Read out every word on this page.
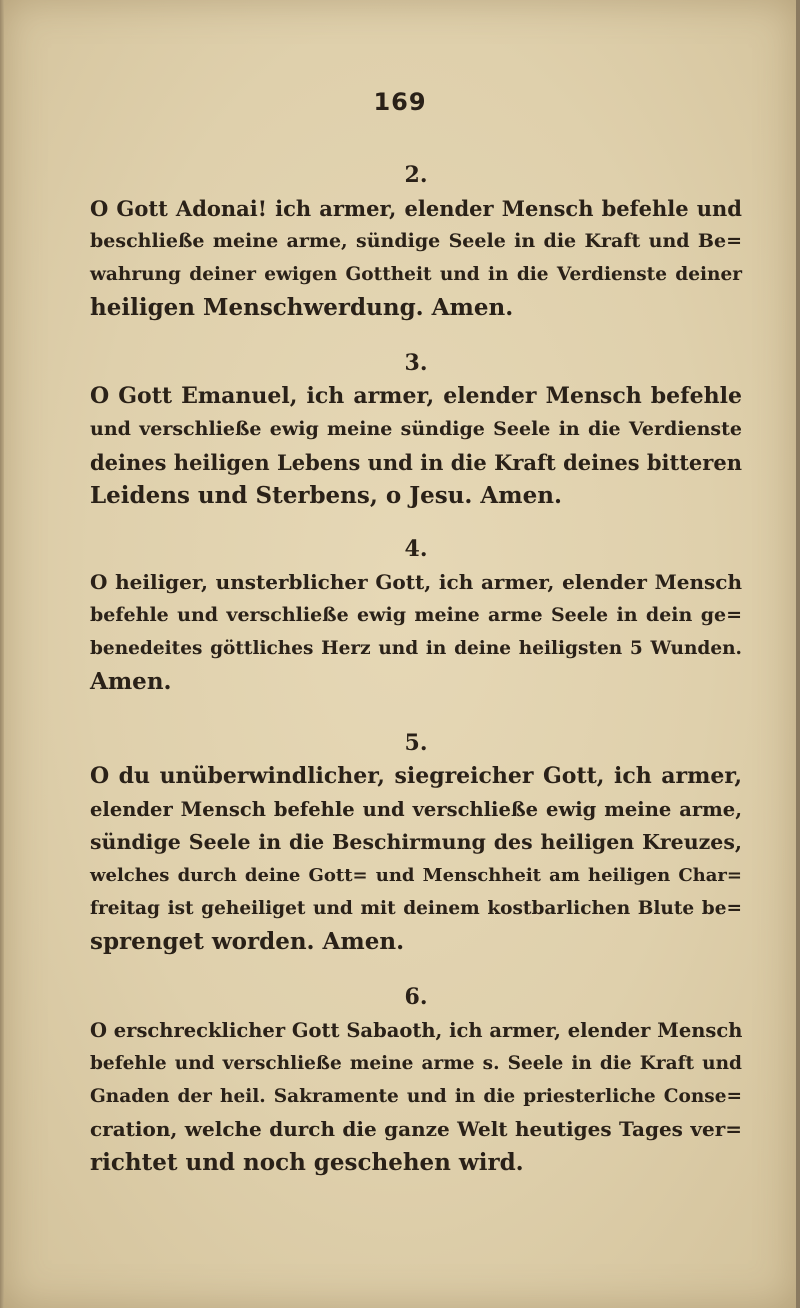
169
2.
O Gott Adonai! ich armer, elender Mensch befehle und
beschließe meine arme, sündige Seele in die Kraft und Be=
wahrung deiner ewigen Gottheit und in die Verdienste deiner
heiligen Menschwerdung. Amen.
3.
O Gott Emanuel, ich armer, elender Mensch befehle
und verschließe ewig meine sündige Seele in die Verdienste
deines heiligen Lebens und in die Kraft deines bitteren
Leidens und Sterbens, o Jesu. Amen.
4.
O heiliger, unsterblicher Gott, ich armer, elender Mensch
befehle und verschließe ewig meine arme Seele in dein ge=
benedeites göttliches Herz und in deine heiligsten 5 Wunden.
Amen.
5.
O du unüberwindlicher, siegreicher Gott, ich armer,
elender Mensch befehle und verschließe ewig meine arme,
sündige Seele in die Beschirmung des heiligen Kreuzes,
welches durch deine Gott= und Menschheit am heiligen Char=
freitag ist geheiliget und mit deinem kostbarlichen Blute be=
sprenget worden. Amen.
6.
O erschrecklicher Gott Sabaoth, ich armer, elender Mensch
befehle und verschließe meine arme s. Seele in die Kraft und
Gnaden der heil. Sakramente und in die priesterliche Conse=
cration, welche durch die ganze Welt heutiges Tages ver=
richtet und noch geschehen wird.
